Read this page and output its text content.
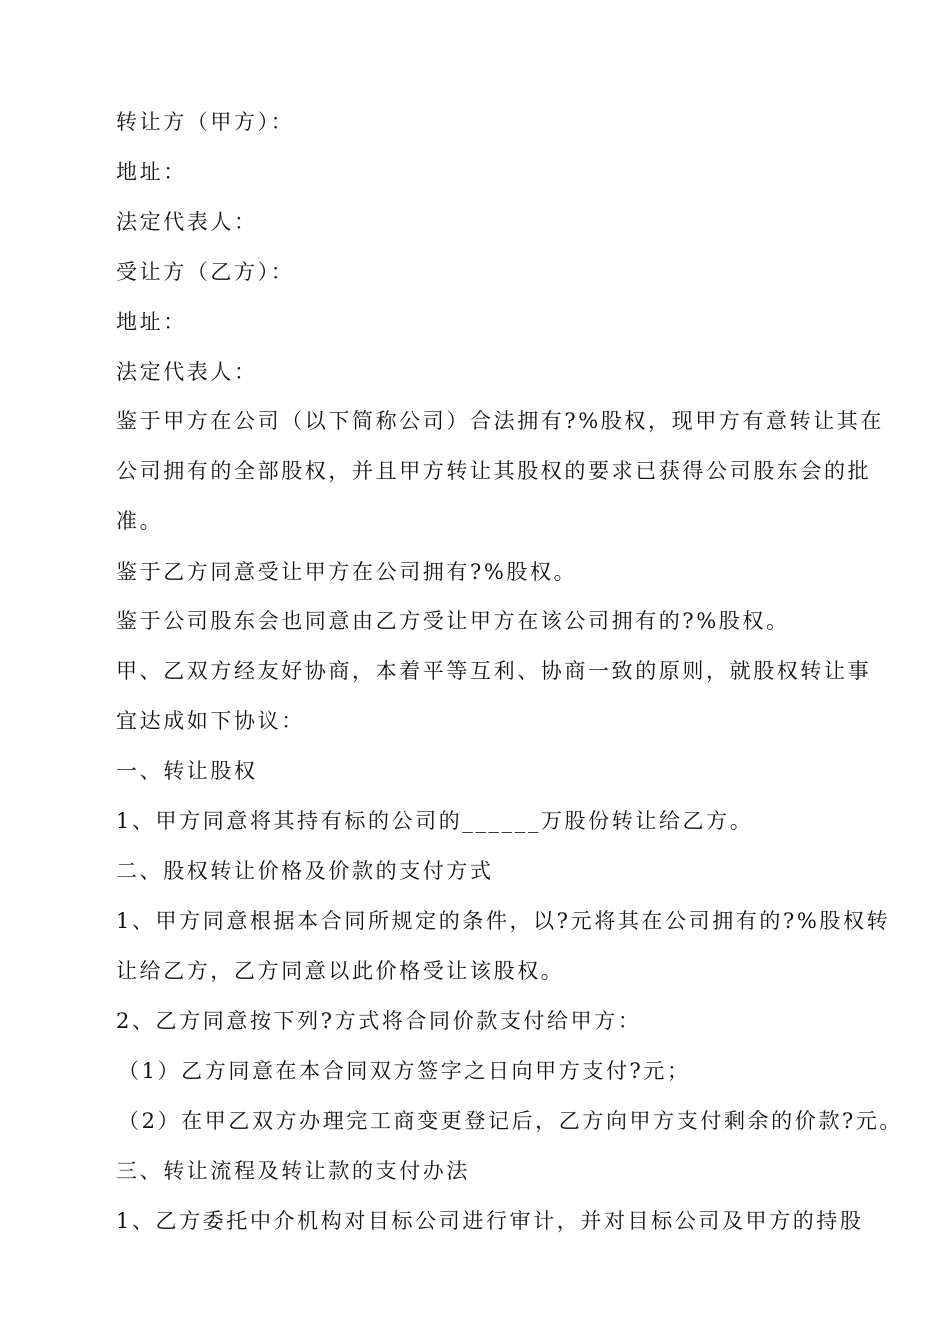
转让方（甲方）：
地址：
法定代表人：
受让方（乙方）：
地址：
法定代表人：
鉴于甲方在公司（以下简称公司）合法拥有?%股权，现甲方有意转让其在
公司拥有的全部股权，并且甲方转让其股权的要求已获得公司股东会的批
准。
鉴于乙方同意受让甲方在公司拥有?%股权。
鉴于公司股东会也同意由乙方受让甲方在该公司拥有的?%股权。
甲、乙双方经友好协商，本着平等互利、协商一致的原则，就股权转让事
宜达成如下协议：
一、转让股权
1、甲方同意将其持有标的公司的______万股份转让给乙方。
二、股权转让价格及价款的支付方式
1、甲方同意根据本合同所规定的条件，以?元将其在公司拥有的?%股权转
让给乙方，乙方同意以此价格受让该股权。
2、乙方同意按下列?方式将合同价款支付给甲方：
（1）乙方同意在本合同双方签字之日向甲方支付?元；
（2）在甲乙双方办理完工商变更登记后，乙方向甲方支付剩余的价款?元。
三、转让流程及转让款的支付办法
1、乙方委托中介机构对目标公司进行审计，并对目标公司及甲方的持股
